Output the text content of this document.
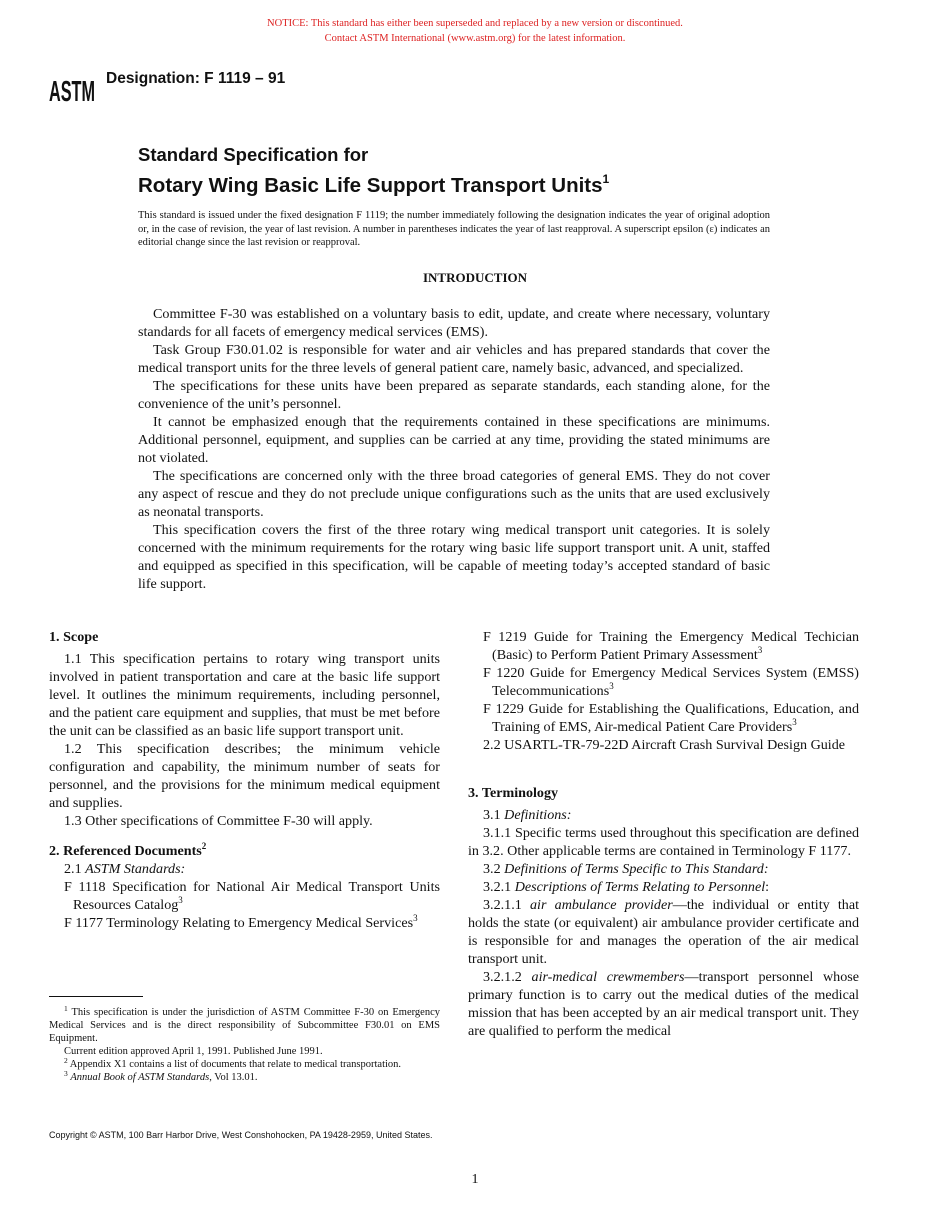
NOTICE: This standard has either been superseded and replaced by a new version or discontinued.
Contact ASTM International (www.astm.org) for the latest information.
ASTM Designation: F 1119 – 91
Standard Specification for
Rotary Wing Basic Life Support Transport Units$^1$
This standard is issued under the fixed designation F 1119; the number immediately following the designation indicates the year of original adoption or, in the case of revision, the year of last revision. A number in parentheses indicates the year of last reapproval. A superscript epsilon (ε) indicates an editorial change since the last revision or reapproval.
INTRODUCTION

Committee F-30 was established on a voluntary basis to edit, update, and create where necessary, voluntary standards for all facets of emergency medical services (EMS).

Task Group F30.01.02 is responsible for water and air vehicles and has prepared standards that cover the medical transport units for the three levels of general patient care, namely basic, advanced, and specialized.

The specifications for these units have been prepared as separate standards, each standing alone, for the convenience of the unit’s personnel.

It cannot be emphasized enough that the requirements contained in these specifications are minimums. Additional personnel, equipment, and supplies can be carried at any time, providing the stated minimums are not violated.

The specifications are concerned only with the three broad categories of general EMS. They do not cover any aspect of rescue and they do not preclude unique configurations such as the units that are used exclusively as neonatal transports.

This specification covers the first of the three rotary wing medical transport unit categories. It is solely concerned with the minimum requirements for the rotary wing basic life support transport unit. A unit, staffed and equipped as specified in this specification, will be capable of meeting today’s accepted standard of basic life support.

1. Scope

1.1 This specification pertains to rotary wing transport units involved in patient transportation and care at the basic life support level. It outlines the minimum requirements, including personnel, and the patient care equipment and supplies, that must be met before the unit can be classified as an basic life support transport unit.

1.2 This specification describes; the minimum vehicle configuration and capability, the minimum number of seats for personnel, and the provisions for the minimum medical equipment and supplies.

1.3 Other specifications of Committee F-30 will apply.

2. Referenced Documents$^2$

2.1 ASTM Standards:

F 1118 Specification for National Air Medical Transport Units Resources Catalog$^3$

F 1177 Terminology Relating to Emergency Medical Services$^3$

F 1219 Guide for Training the Emergency Medical Techician (Basic) to Perform Patient Primary Assessment$^3$

F 1220 Guide for Emergency Medical Services System (EMSS) Telecommunications$^3$

F 1229 Guide for Establishing the Qualifications, Education, and Training of EMS, Air-medical Patient Care Providers$^3$

2.2 USARTL-TR-79-22D Aircraft Crash Survival Design Guide

3. Terminology

3.1 Definitions:

3.1.1 Specific terms used throughout this specification are defined in 3.2. Other applicable terms are contained in Terminology F 1177.

3.2 Definitions of Terms Specific to This Standard:

3.2.1 Descriptions of Terms Relating to Personnel:

3.2.1.1 air ambulance provider—the individual or entity that holds the state (or equivalent) air ambulance provider certificate and is responsible for and manages the operation of the air medical transport unit.

3.2.1.2 air-medical crewmembers—transport personnel whose primary function is to carry out the medical duties of the medical mission that has been accepted by an air medical transport unit. They are qualified to perform the medical

$^1$ This specification is under the jurisdiction of ASTM Committee F-30 on Emergency Medical Services and is the direct responsibility of Subcommittee F30.01 on EMS Equipment.

Current edition approved April 1, 1991. Published June 1991.

$^2$ Appendix X1 contains a list of documents that relate to medical transportation.

$^3$ Annual Book of ASTM Standards, Vol 13.01.

Copyright © ASTM, 100 Barr Harbor Drive, West Conshohocken, PA 19428-2959, United States.
1
